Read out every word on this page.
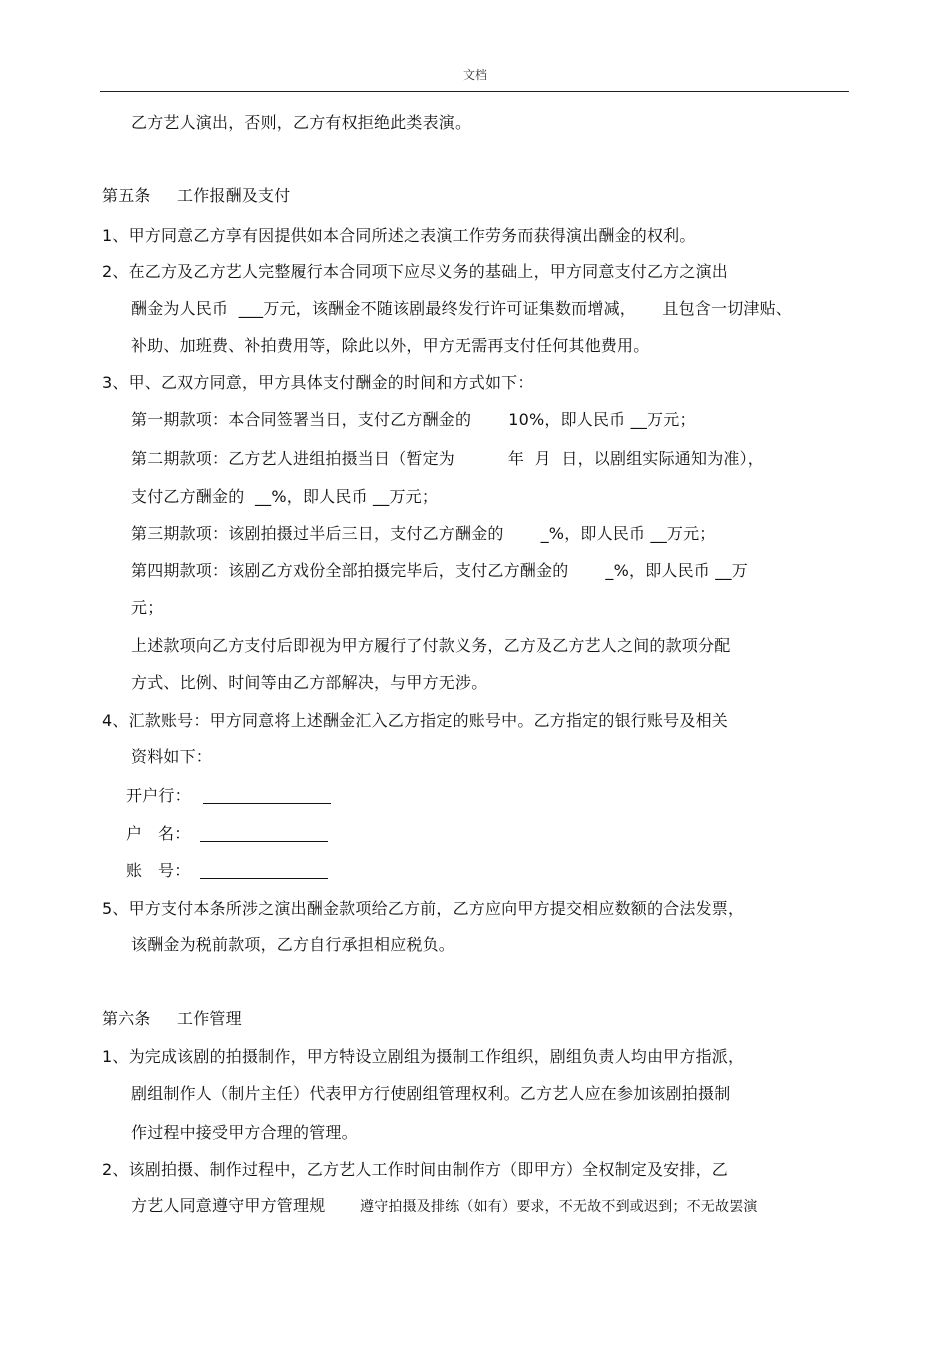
文档
乙方艺人演出，否则，乙方有权拒绝此类表演。
第五条     工作报酬及支付
1、甲方同意乙方享有因提供如本合同所述之表演工作劳务而获得演出酬金的权利。
2、在乙方及乙方艺人完整履行本合同项下应尽义务的基础上，甲方同意支付乙方之演出
酬金为人民币  ___万元，该酬金不随该剧最终发行许可证集数而增减，     且包含一切津贴、
补助、加班费、补拍费用等，除此以外，甲方无需再支付任何其他费用。
3、甲、乙双方同意，甲方具体支付酬金的时间和方式如下：
第一期款项：本合同签署当日，支付乙方酬金的       10%，即人民币 __万元；
第二期款项：乙方艺人进组拍摄当日（暂定为          年  月  日，以剧组实际通知为准），
支付乙方酬金的  __%，即人民币 __万元；
第三期款项：该剧拍摄过半后三日，支付乙方酬金的       _%，即人民币 __万元；
第四期款项：该剧乙方戏份全部拍摄完毕后，支付乙方酬金的       _%，即人民币 __万
元；
上述款项向乙方支付后即视为甲方履行了付款义务，乙方及乙方艺人之间的款项分配
方式、比例、时间等由乙方部解决，与甲方无涉。
4、汇款账号：甲方同意将上述酬金汇入乙方指定的账号中。乙方指定的银行账号及相关
资料如下：
开户行：
户   名：
账   号：
5、甲方支付本条所涉之演出酬金款项给乙方前，乙方应向甲方提交相应数额的合法发票，
该酬金为税前款项，乙方自行承担相应税负。
第六条     工作管理
1、为完成该剧的拍摄制作，甲方特设立剧组为摄制工作组织，剧组负责人均由甲方指派，
剧组制作人（制片主任）代表甲方行使剧组管理权利。乙方艺人应在参加该剧拍摄制
作过程中接受甲方合理的管理。
2、该剧拍摄、制作过程中，乙方艺人工作时间由制作方（即甲方）全权制定及安排，乙
方艺人同意遵守甲方管理规 遵守拍摄及排练（如有）要求，不无故不到或迟到；不无故罢演
